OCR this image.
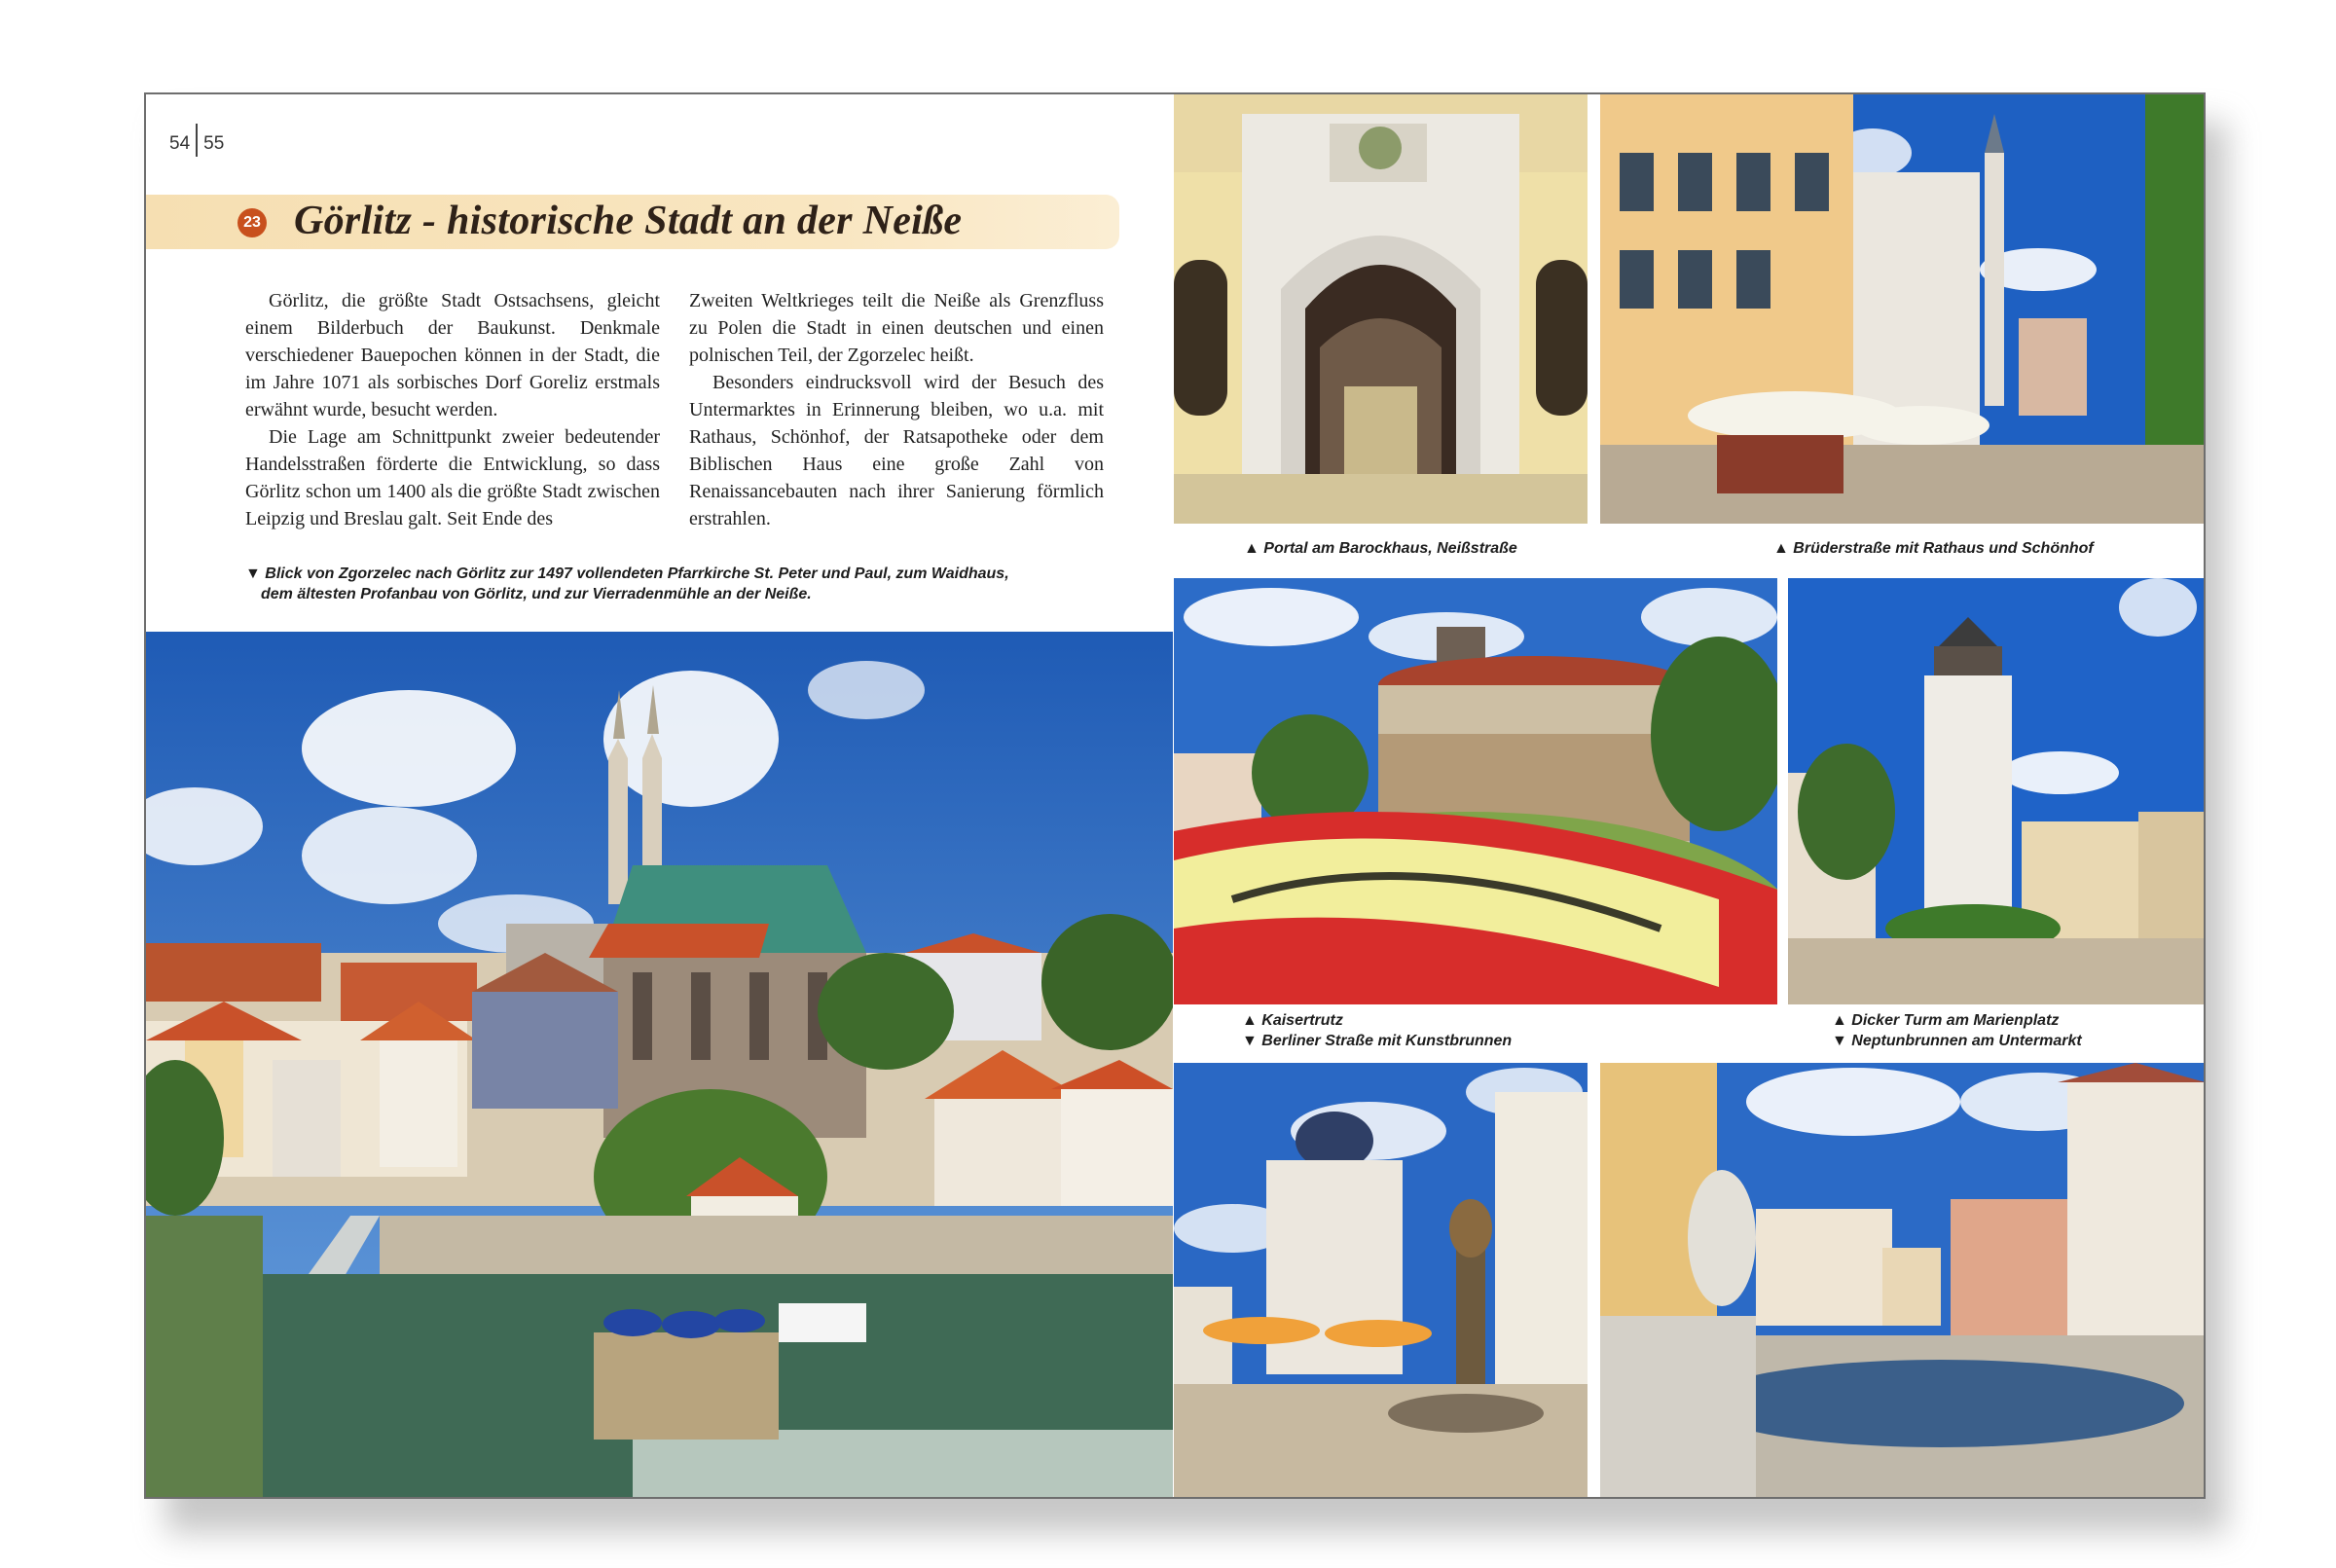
54 55
23 Görlitz - historische Stadt an der Neiße

Görlitz, die größte Stadt Ostsachsens, gleicht einem Bilderbuch der Baukunst. Denkmale verschiedener Bauepochen können in der Stadt, die im Jahre 1071 als sorbisches Dorf Goreliz erstmals erwähnt wurde, besucht werden.

Die Lage am Schnittpunkt zweier bedeutender Handelsstraßen förderte die Entwicklung, so dass Görlitz schon um 1400 als die größte Stadt zwischen Leipzig und Breslau galt. Seit Ende des

Zweiten Weltkrieges teilt die Neiße als Grenzfluss zu Polen die Stadt in einen deutschen und einen polnischen Teil, der Zgorzelec heißt.

Besonders eindrucksvoll wird der Besuch des Untermarktes in Erinnerung bleiben, wo u.a. mit Rathaus, Schönhof, der Ratsapotheke oder dem Biblischen Haus eine große Zahl von Renaissancebauten nach ihrer Sanierung förmlich erstrahlen.

▼ Blick von Zgorzelec nach Görlitz zur 1497 vollendeten Pfarrkirche St. Peter und Paul, zum Waidhaus,
dem ältesten Profanbau von Görlitz, und zur Vierradenmühle an der Neiße.
▲ Portal am Barockhaus, Neißstraße	▲ Brüderstraße mit Rathaus und Schönhof
▲ Kaisertrutz
▼ Berliner Straße mit Kunstbrunnen
▲ Dicker Turm am Marienplatz
▼ Neptunbrunnen am Untermarkt
